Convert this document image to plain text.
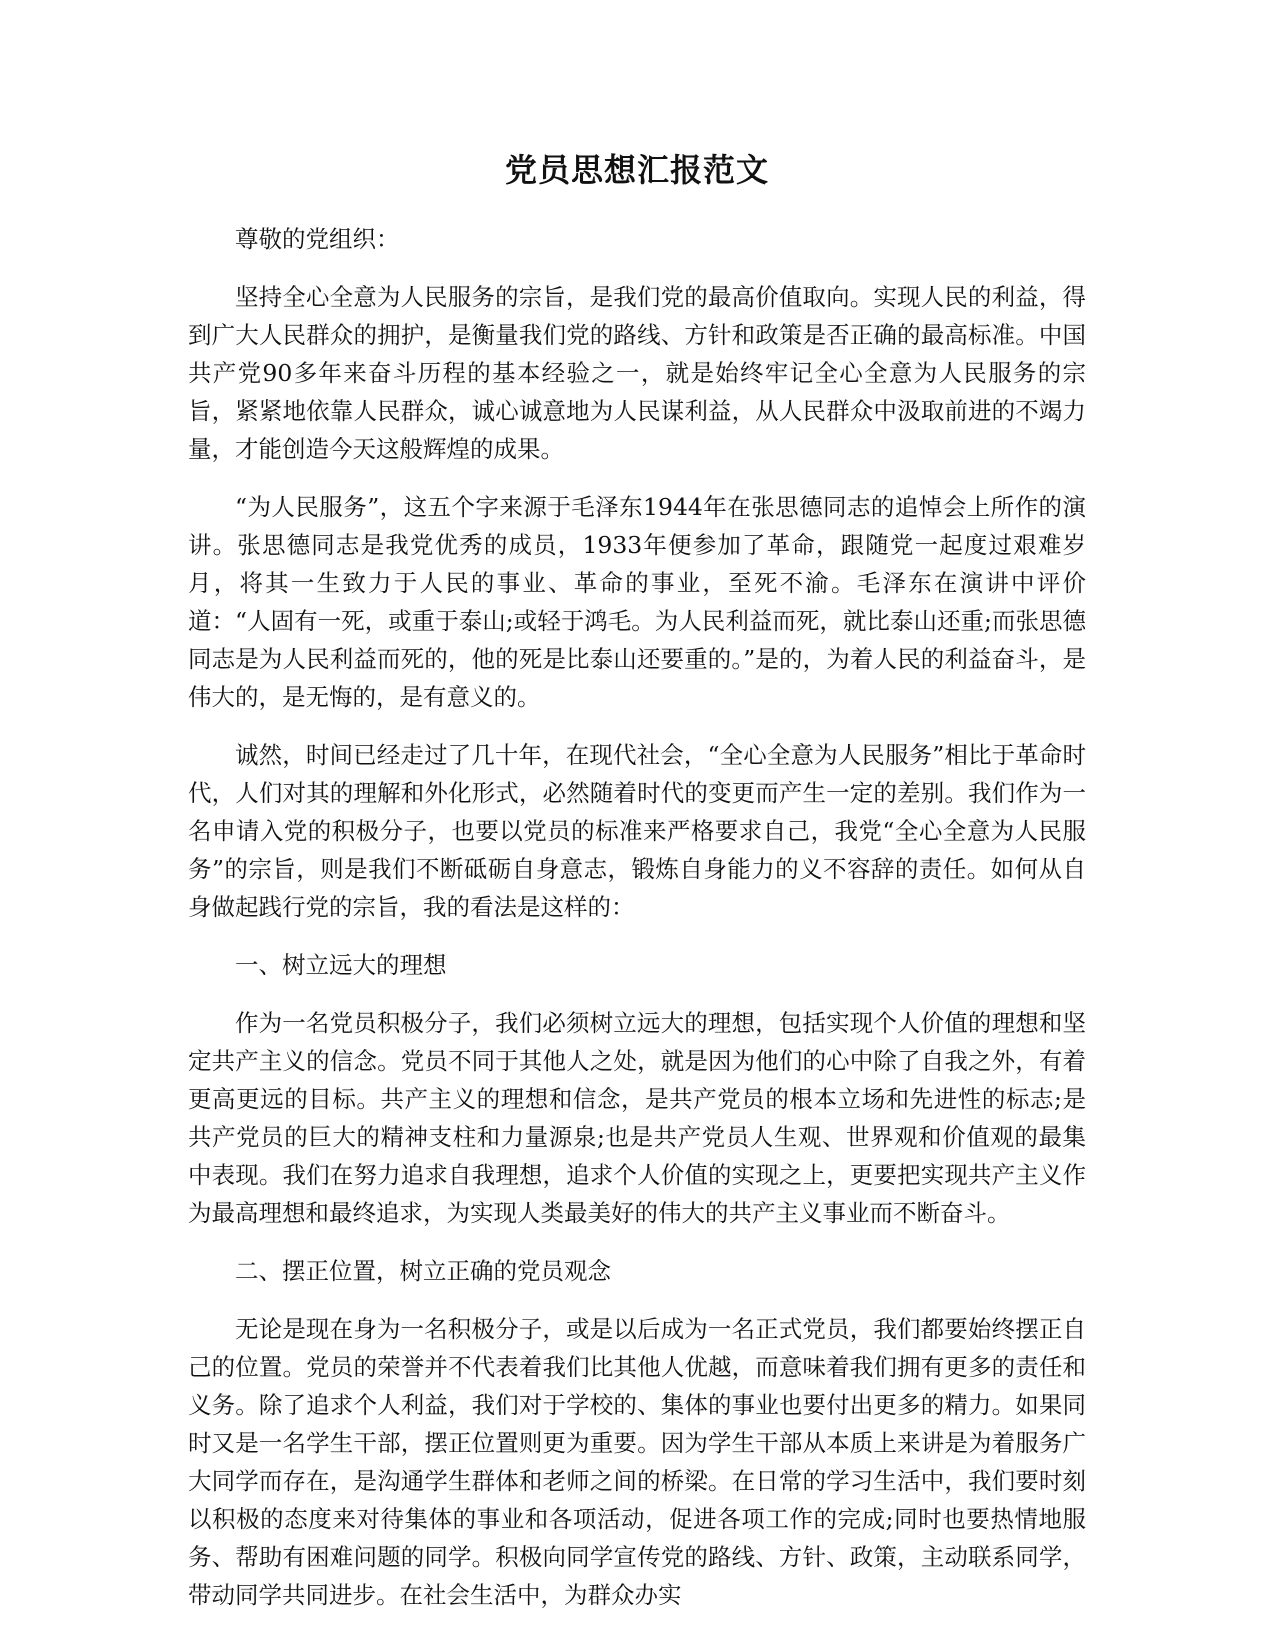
党员思想汇报范文

尊敬的党组织：

坚持全心全意为人民服务的宗旨，是我们党的最高价值取向。实现人民的利益，得到广大人民群众的拥护，是衡量我们党的路线、方针和政策是否正确的最高标准。中国共产党90多年来奋斗历程的基本经验之一，就是始终牢记全心全意为人民服务的宗旨，紧紧地依靠人民群众，诚心诚意地为人民谋利益，从人民群众中汲取前进的不竭力量，才能创造今天这般辉煌的成果。

“为人民服务”，这五个字来源于毛泽东1944年在张思德同志的追悼会上所作的演讲。张思德同志是我党优秀的成员，1933年便参加了革命，跟随党一起度过艰难岁月，将其一生致力于人民的事业、革命的事业，至死不渝。毛泽东在演讲中评价道：“人固有一死，或重于泰山;或轻于鸿毛。为人民利益而死，就比泰山还重;而张思德同志是为人民利益而死的，他的死是比泰山还要重的。”是的，为着人民的利益奋斗，是伟大的，是无悔的，是有意义的。

诚然，时间已经走过了几十年，在现代社会，“全心全意为人民服务”相比于革命时代，人们对其的理解和外化形式，必然随着时代的变更而产生一定的差别。我们作为一名申请入党的积极分子，也要以党员的标准来严格要求自己，我党“全心全意为人民服务”的宗旨，则是我们不断砥砺自身意志，锻炼自身能力的义不容辞的责任。如何从自身做起践行党的宗旨，我的看法是这样的：

一、树立远大的理想

作为一名党员积极分子，我们必须树立远大的理想，包括实现个人价值的理想和坚定共产主义的信念。党员不同于其他人之处，就是因为他们的心中除了自我之外，有着更高更远的目标。共产主义的理想和信念，是共产党员的根本立场和先进性的标志;是共产党员的巨大的精神支柱和力量源泉;也是共产党员人生观、世界观和价值观的最集中表现。我们在努力追求自我理想，追求个人价值的实现之上，更要把实现共产主义作为最高理想和最终追求，为实现人类最美好的伟大的共产主义事业而不断奋斗。

二、摆正位置，树立正确的党员观念

无论是现在身为一名积极分子，或是以后成为一名正式党员，我们都要始终摆正自己的位置。党员的荣誉并不代表着我们比其他人优越，而意味着我们拥有更多的责任和义务。除了追求个人利益，我们对于学校的、集体的事业也要付出更多的精力。如果同时又是一名学生干部，摆正位置则更为重要。因为学生干部从本质上来讲是为着服务广大同学而存在，是沟通学生群体和老师之间的桥梁。在日常的学习生活中，我们要时刻以积极的态度来对待集体的事业和各项活动，促进各项工作的完成;同时也要热情地服务、帮助有困难问题的同学。积极向同学宣传党的路线、方针、政策，主动联系同学，带动同学共同进步。在社会生活中，为群众办实
